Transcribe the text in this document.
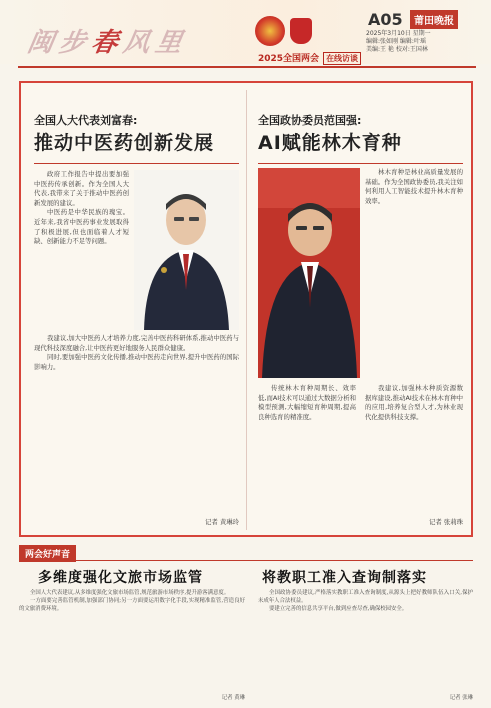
闽步春风里
2025全国两会 在线访谈
A05	莆田晚报
2025年3月10日 星期一
编辑:张如刚 编辑:叶瑶
美编:王 艳 校对:王国林
全国人大代表刘富春:
推动中医药创新发展

政府工作报告中提出要加强中医药传承创新。作为全国人大代表,我带来了关于推动中医药创新发展的建议。

中医药是中华民族的瑰宝。近年来,我省中医药事业发展取得了积极进展,但也面临着人才短缺、创新能力不足等问题。

我建议,加大中医药人才培养力度,完善中医药科研体系,推动中医药与现代科技深度融合,让中医药更好地服务人民群众健康。

同时,要加强中医药文化传播,推动中医药走向世界,提升中医药的国际影响力。

记者 黄琳玲
全国政协委员范国强:
AI赋能林木育种

林木育种是林业高质量发展的基础。作为全国政协委员,我关注如何利用人工智能技术提升林木育种效率。

传统林木育种周期长、效率低,而AI技术可以通过大数据分析和模型预测,大幅缩短育种周期,提高良种选育的精准度。

我建议,加强林木种质资源数据库建设,推动AI技术在林木育种中的应用,培养复合型人才,为林业现代化提供科技支撑。

记者 张莉珠
两会好声音
多维度强化文旅市场监管

全国人大代表建议,从多维度强化文旅市场监管,规范旅游市场秩序,提升游客满意度。

一方面要完善监管机制,加强部门协同;另一方面要运用数字化手段,实现精准监管,营造良好的文旅消费环境。

记者 黄琳
将教职工准入查询制落实

全国政协委员建议,严格落实教职工准入查询制度,从源头上把好教师队伍入口关,保护未成年人合法权益。

要建立完善的信息共享平台,做到应查尽查,确保校园安全。

记者 张琳
